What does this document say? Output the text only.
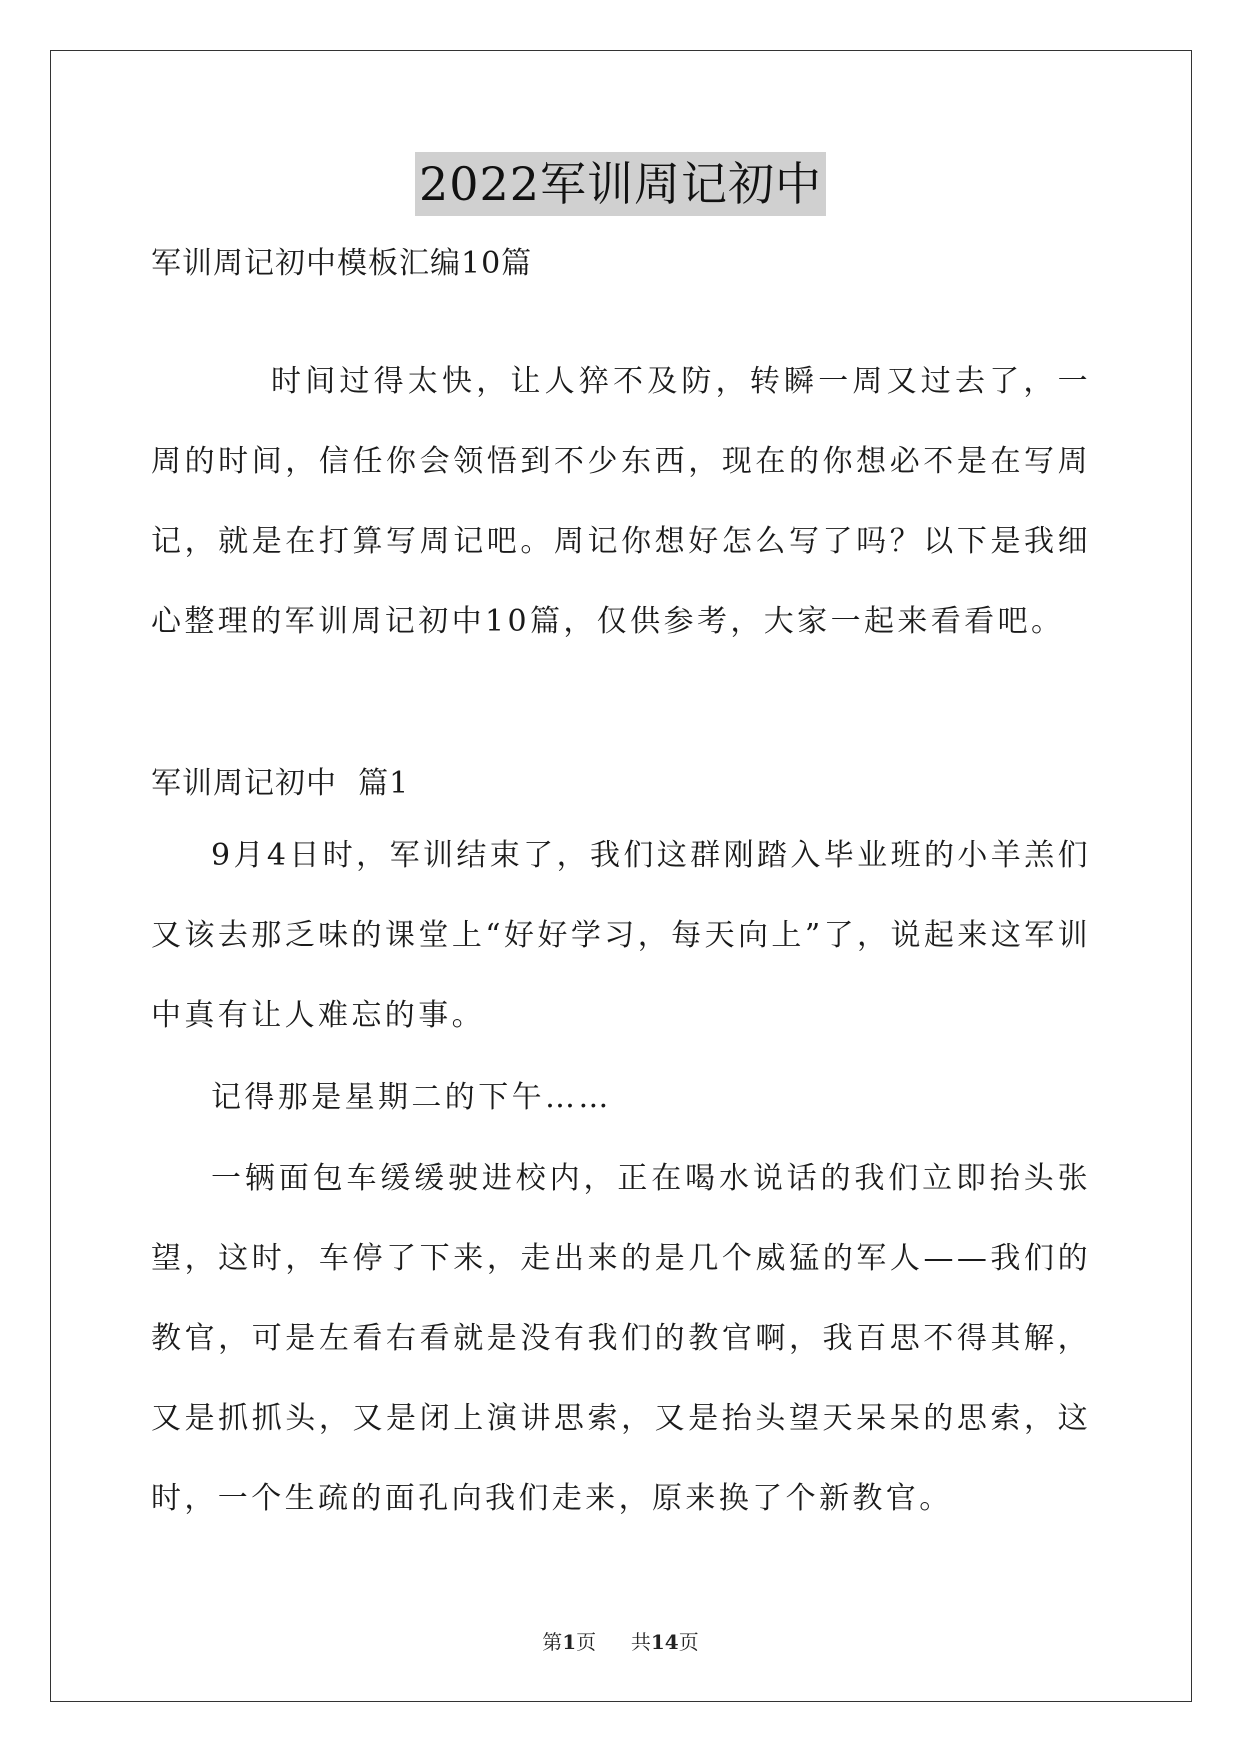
2022军训周记初中
军训周记初中模板汇编10篇

时间过得太快，让人猝不及防，转瞬一周又过去了，一周的时间，信任你会领悟到不少东西，现在的你想必不是在写周记，就是在打算写周记吧。周记你想好怎么写了吗？以下是我细心整理的军训周记初中10篇，仅供参考，大家一起来看看吧。

军训周记初中  篇1

9月4日时，军训结束了，我们这群刚踏入毕业班的小羊羔们又该去那乏味的课堂上“好好学习，每天向上”了，说起来这军训中真有让人难忘的事。

记得那是星期二的下午……

一辆面包车缓缓驶进校内，正在喝水说话的我们立即抬头张望，这时，车停了下来，走出来的是几个威猛的军人——我们的教官，可是左看右看就是没有我们的教官啊，我百思不得其解，又是抓抓头，又是闭上演讲思索，又是抬头望天呆呆的思索，这时，一个生疏的面孔向我们走来，原来换了个新教官。

第1页 共14页
